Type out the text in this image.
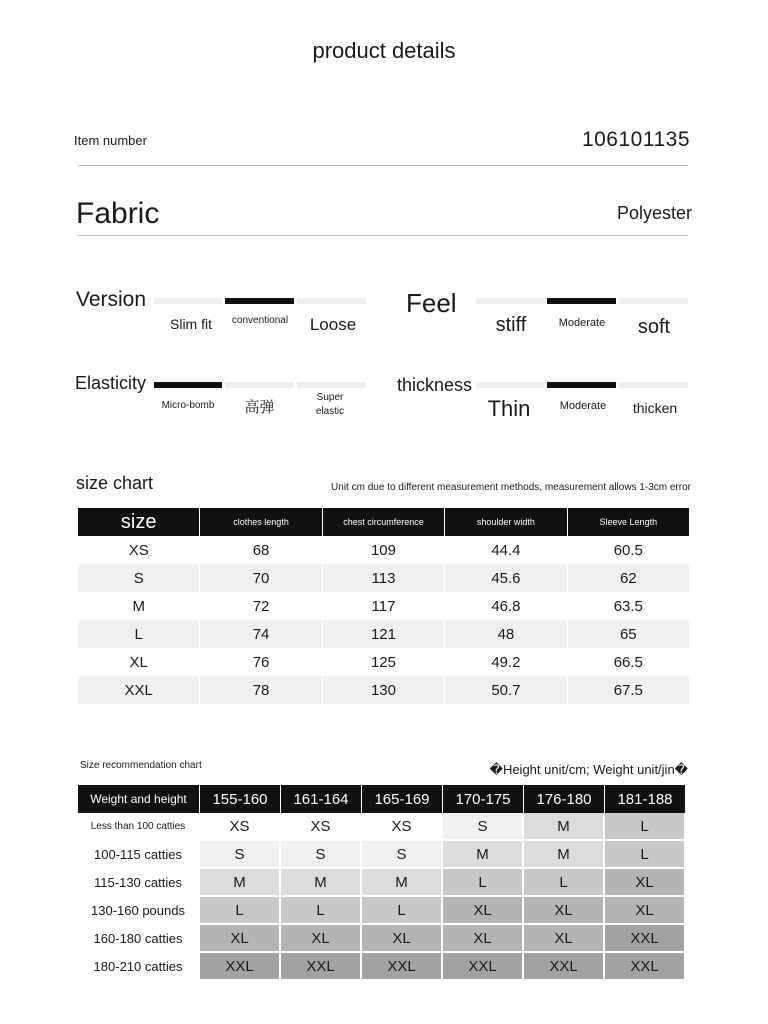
product details
Item number	106101135
Fabric	Polyester
Version
Slim fit	conventional	Loose
Feel
stiff	Moderate	soft
Elasticity
Micro-bomb	高弹
Super elastic
thickness
Thin	Moderate	thicken
size chart	Unit cm due to different measurement methods, measurement allows 1-3cm error
size	clothes length	chest circumference	shoulder width	Sleeve Length
XS	68	109	44.4	60.5
S	70	113	45.6	62
M	72	117	46.8	63.5
L	74	121	48	65
XL	76	125	49.2	66.5
XXL	78	130	50.7	67.5
Size recommendation chart	�Height unit/cm; Weight unit/jin�
Weight and height	155-160	161-164	165-169	170-175	176-180	181-188
Less than 100 catties	XS	XS	XS	S	M	L
100-115 catties	S	S	S	M	M	L
115-130 catties	M	M	M	L	L	XL
130-160 pounds	L	L	L	XL	XL	XL
160-180 catties	XL	XL	XL	XL	XL	XXL
180-210 catties	XXL	XXL	XXL	XXL	XXL	XXL
